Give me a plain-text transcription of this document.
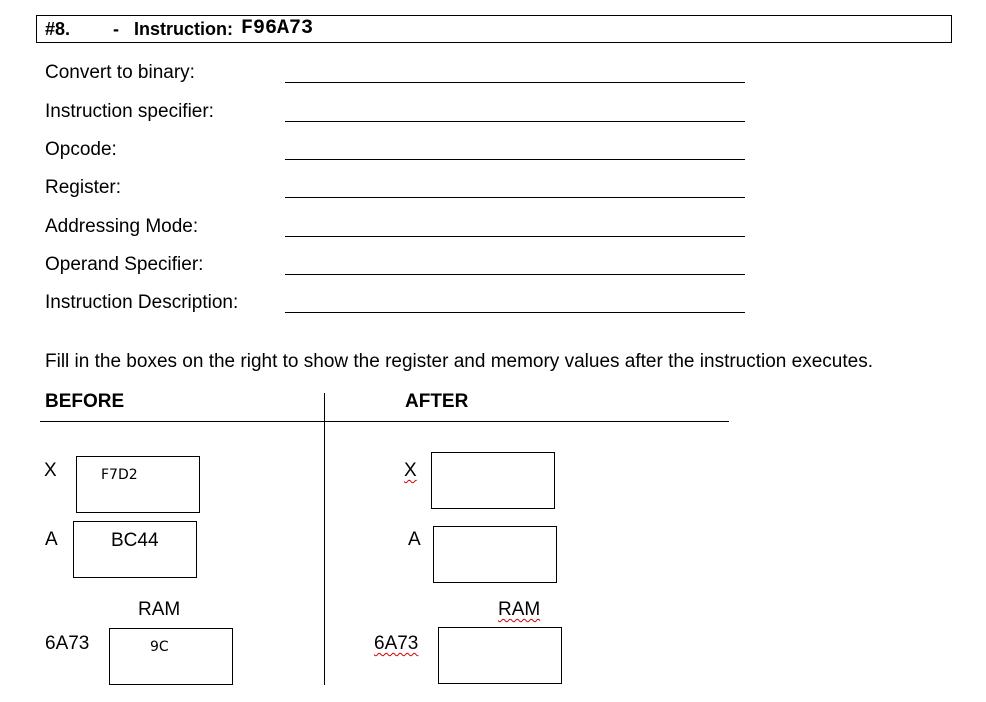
#8. - Instruction: F96A73
Convert to binary:
Instruction specifier:
Opcode:
Register:
Addressing Mode:
Operand Specifier:
Instruction Description:
Fill in the boxes on the right to show the register and memory values after the instruction executes.
BEFORE	AFTER
X	F7D2
A	BC44
RAM
6A73	9C
X
A
RAM
6A73
